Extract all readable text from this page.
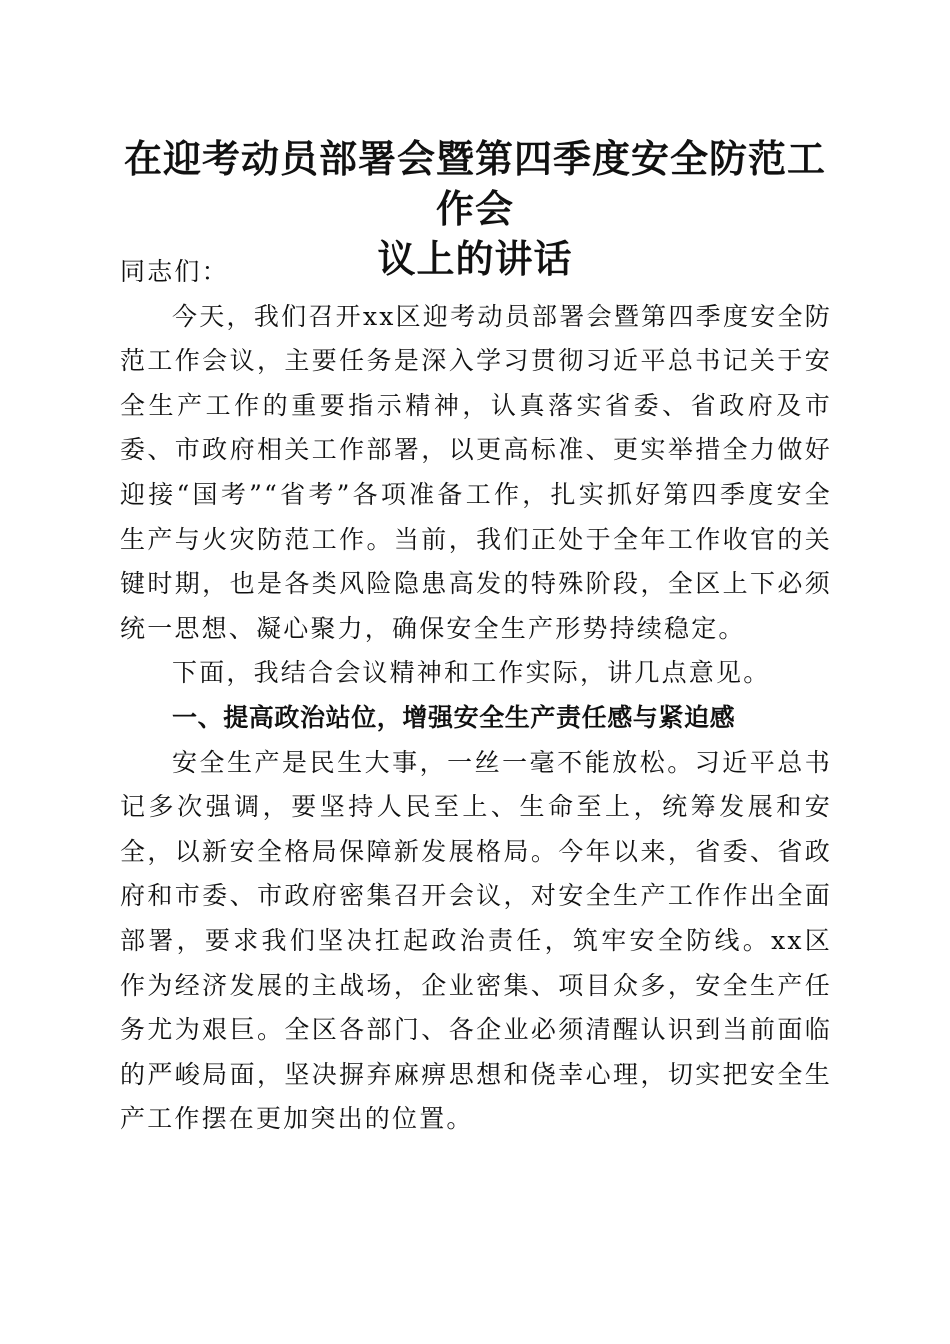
在迎考动员部署会暨第四季度安全防范工作会
议上的讲话

同志们：

今天，我们召开xx区迎考动员部署会暨第四季度安全防范工作会议，主要任务是深入学习贯彻习近平总书记关于安全生产工作的重要指示精神，认真落实省委、省政府及市委、市政府相关工作部署，以更高标准、更实举措全力做好迎接“国考”“省考”各项准备工作，扎实抓好第四季度安全生产与火灾防范工作。当前，我们正处于全年工作收官的关键时期，也是各类风险隐患高发的特殊阶段，全区上下必须统一思想、凝心聚力，确保安全生产形势持续稳定。

下面，我结合会议精神和工作实际，讲几点意见。

一、提高政治站位，增强安全生产责任感与紧迫感

安全生产是民生大事，一丝一毫不能放松。习近平总书记多次强调，要坚持人民至上、生命至上，统筹发展和安全，以新安全格局保障新发展格局。今年以来，省委、省政府和市委、市政府密集召开会议，对安全生产工作作出全面部署，要求我们坚决扛起政治责任，筑牢安全防线。xx区作为经济发展的主战场，企业密集、项目众多，安全生产任务尤为艰巨。全区各部门、各企业必须清醒认识到当前面临的严峻局面，坚决摒弃麻痹思想和侥幸心理，切实把安全生产工作摆在更加突出的位置。
